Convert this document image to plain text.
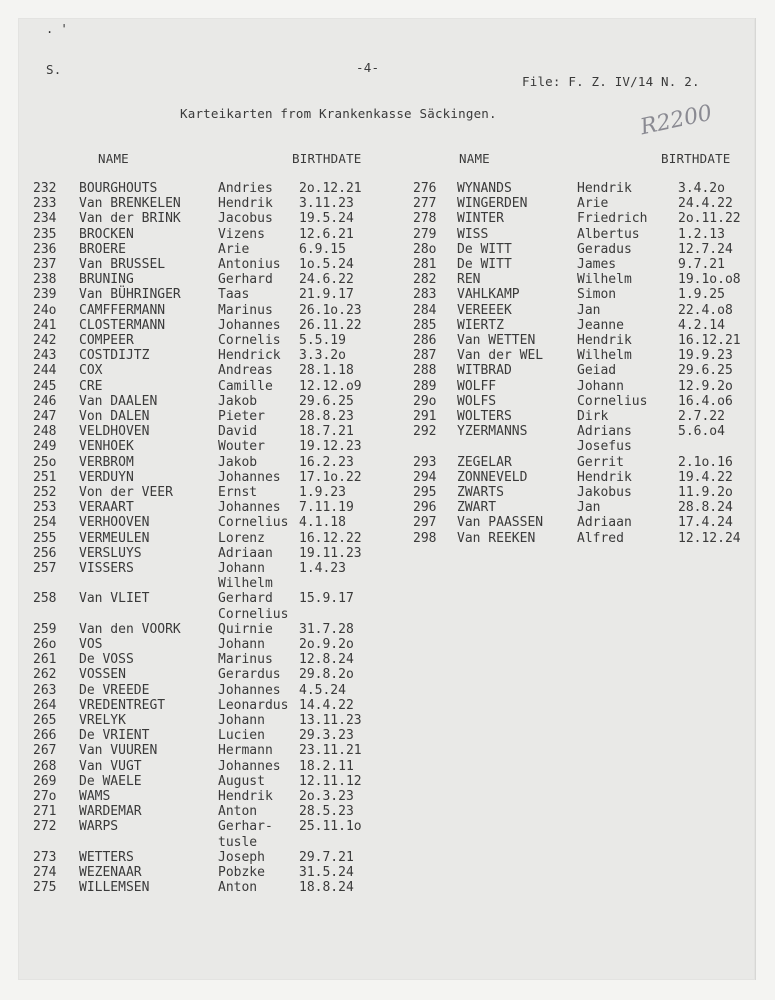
. '
S.	-4-
File: F. Z. IV/14 N. 2.
Karteikarten from Krankenkasse Säckingen.	R2200
NAME	BIRTHDATE	NAME	BIRTHDATE
232 BOURGHOUTS	Andries 2o.12.21
233 Van BRENKELEN	Hendrik 3.11.23
234 Van der BRINK	Jacobus 19.5.24
235 BROCKEN	Vizens	12.6.21
236 BROERE	Arie	6.9.15
237 Van BRUSSEL	Antonius 1o.5.24
238 BRUNING	Gerhard 24.6.22
239 Van BÜHRINGER	Taas	21.9.17
24o CAMFFERMANN	Marinus 26.1o.23
241 CLOSTERMANN	Johannes 26.11.22
242 COMPEER	Cornelis 5.5.19
243 COSTDIJTZ	Hendrick 3.3.2o
244 COX	Andreas 28.1.18
245 CRE	Camille 12.12.o9
246 Van DAALEN	Jakob	29.6.25
247 Von DALEN	Pieter	28.8.23
248 VELDHOVEN	David	18.7.21
249 VENHOEK	Wouter	19.12.23
25o VERBROM	Jakob	16.2.23
251 VERDUYN	Johannes 17.1o.22
252 Von der VEER	Ernst	1.9.23
253 VERAART	Johannes 7.11.19
254 VERHOOVEN	Cornelius 4.1.18
255 VERMEULEN	Lorenz	16.12.22
256 VERSLUYS	Adriaan 19.11.23
257 VISSERS	Johann	1.4.23
Wilhelm
258 Van VLIET	Gerhard 15.9.17
Cornelius
259 Van den VOORK	Quirnie 31.7.28
26o VOS	Johann	2o.9.2o
261 De VOSS	Marinus 12.8.24
262 VOSSEN	Gerardus 29.8.2o
263 De VREEDE	Johannes 4.5.24
264 VREDENTREGT	Leonardus 14.4.22
265 VRELYK	Johann	13.11.23
266 De VRIENT	Lucien	29.3.23
267 Van VUUREN	Hermann 23.11.21
268 Van VUGT	Johannes 18.2.11
269 De WAELE	August	12.11.12
27o WAMS	Hendrik 2o.3.23
271 WARDEMAR	Anton	28.5.23
272 WARPS	Gerhar- 25.11.1o
tusle
273 WETTERS	Joseph	29.7.21
274 WEZENAAR	Pobzke	31.5.24
275 WILLEMSEN	Anton	18.8.24
276 WYNANDS	Hendrik	3.4.2o
277 WINGERDEN	Arie	24.4.22
278 WINTER	Friedrich 2o.11.22
279 WISS	Albertus	1.2.13
28o De WITT	Geradus	12.7.24
281 De WITT	James	9.7.21
282 REN	Wilhelm	19.1o.o8
283 VAHLKAMP	Simon	1.9.25
284 VEREEEK	Jan	22.4.o8
285 WIERTZ	Jeanne	4.2.14
286 Van WETTEN	Hendrik	16.12.21
287 Van der WEL	Wilhelm	19.9.23
288 WITBRAD	Geiad	29.6.25
289 WOLFF	Johann	12.9.2o
29o WOLFS	Cornelius 16.4.o6
291 WOLTERS	Dirk	2.7.22
292 YZERMANNS	Adrians	5.6.o4
Josefus
293 ZEGELAR	Gerrit	2.1o.16
294 ZONNEVELD	Hendrik	19.4.22
295 ZWARTS	Jakobus	11.9.2o
296 ZWART	Jan	28.8.24
297 Van PAASSEN	Adriaan	17.4.24
298 Van REEKEN	Alfred	12.12.24
